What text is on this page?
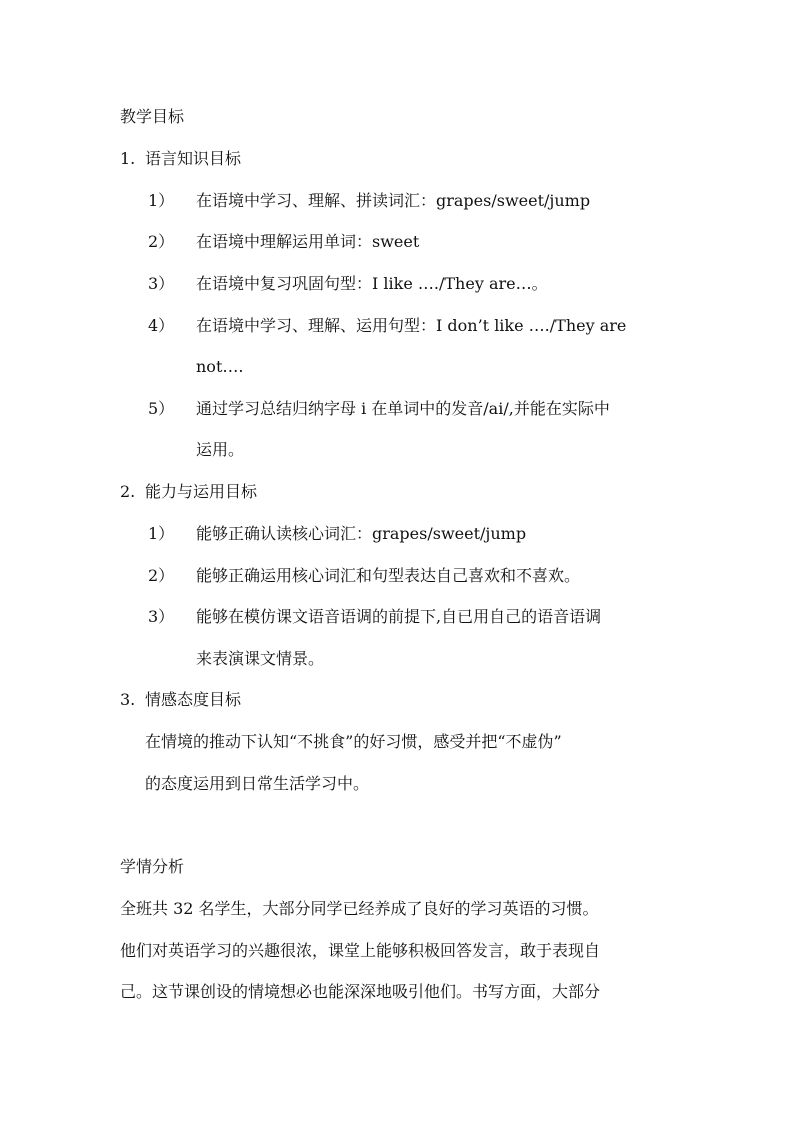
教学目标
1. 语言知识目标
1） 在语境中学习、理解、拼读词汇：grapes/sweet/jump
2） 在语境中理解运用单词：sweet
3） 在语境中复习巩固句型：I like …./They are…。
4） 在语境中学习、理解、运用句型：I don’t like …./They are
not….
5） 通过学习总结归纳字母 i 在单词中的发音/ai/,并能在实际中
运用。
2. 能力与运用目标
1） 能够正确认读核心词汇：grapes/sweet/jump
2） 能够正确运用核心词汇和句型表达自己喜欢和不喜欢。
3） 能够在模仿课文语音语调的前提下,自已用自己的语音语调
来表演课文情景。
3. 情感态度目标
在情境的推动下认知“不挑食”的好习惯，感受并把“不虚伪”
的态度运用到日常生活学习中。
学情分析
全班共 32 名学生，大部分同学已经养成了良好的学习英语的习惯。
他们对英语学习的兴趣很浓，课堂上能够积极回答发言，敢于表现自
己。这节课创设的情境想必也能深深地吸引他们。书写方面，大部分
